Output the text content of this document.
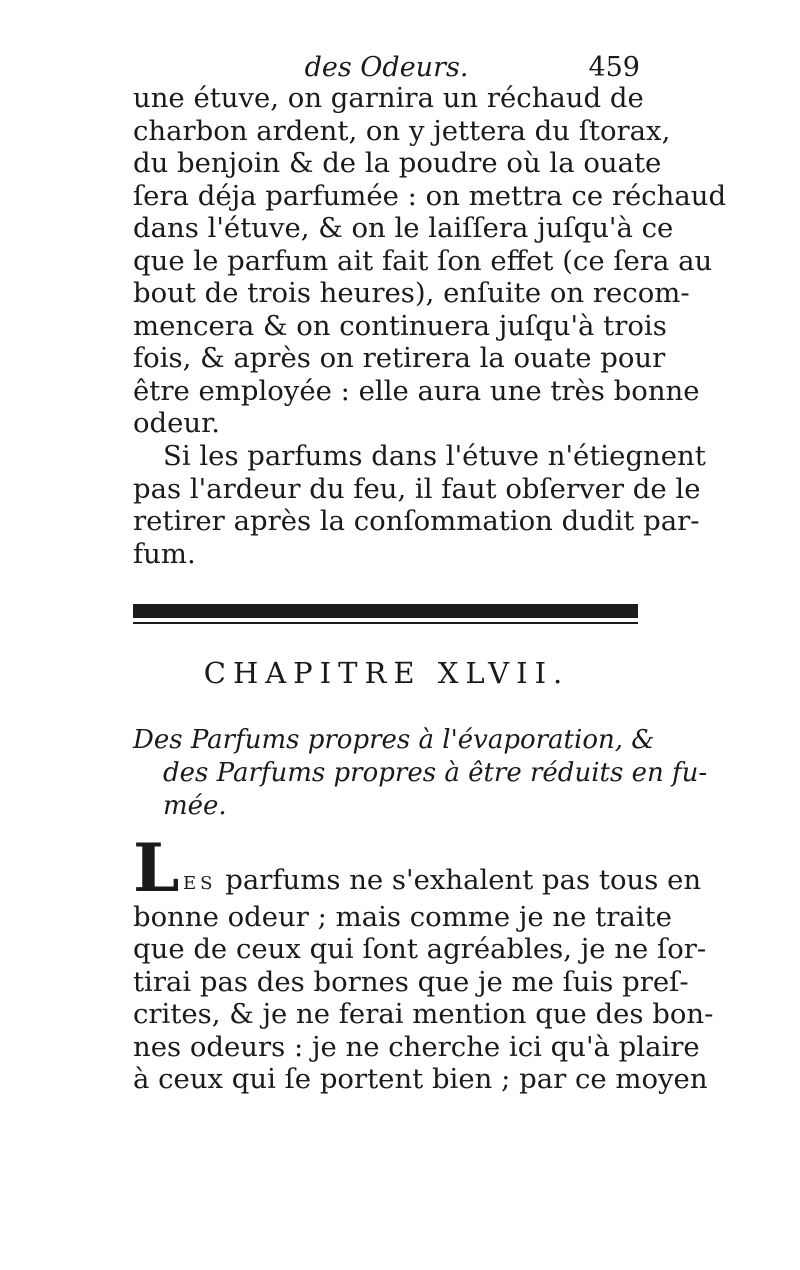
des Odeurs.	459
une étuve, on garnira un réchaud de
charbon ardent, on y jettera du ſtorax,
du benjoin & de la poudre où la ouate
ſera déja parfumée : on mettra ce réchaud
dans l'étuve, & on le laiſſera juſqu'à ce
que le parfum ait fait ſon effet (ce ſera au
bout de trois heures), enſuite on recom-
mencera & on continuera juſqu'à trois
fois, & après on retirera la ouate pour
être employée : elle aura une très bonne
odeur.
Si les parfums dans l'étuve n'étiegnent
pas l'ardeur du feu, il faut obſerver de le
retirer après la conſommation dudit par-
fum.
CHAPITRE XLVII.
Des Parfums propres à l'évaporation, &
des Parfums propres à être réduits en fu-
mée.
L ES parfums ne s'exhalent pas tous en
bonne odeur ; mais comme je ne traite
que de ceux qui ſont agréables, je ne ſor-
tirai pas des bornes que je me ſuis preſ-
crites, & je ne ferai mention que des bon-
nes odeurs : je ne cherche ici qu'à plaire
à ceux qui ſe portent bien ; par ce moyen
